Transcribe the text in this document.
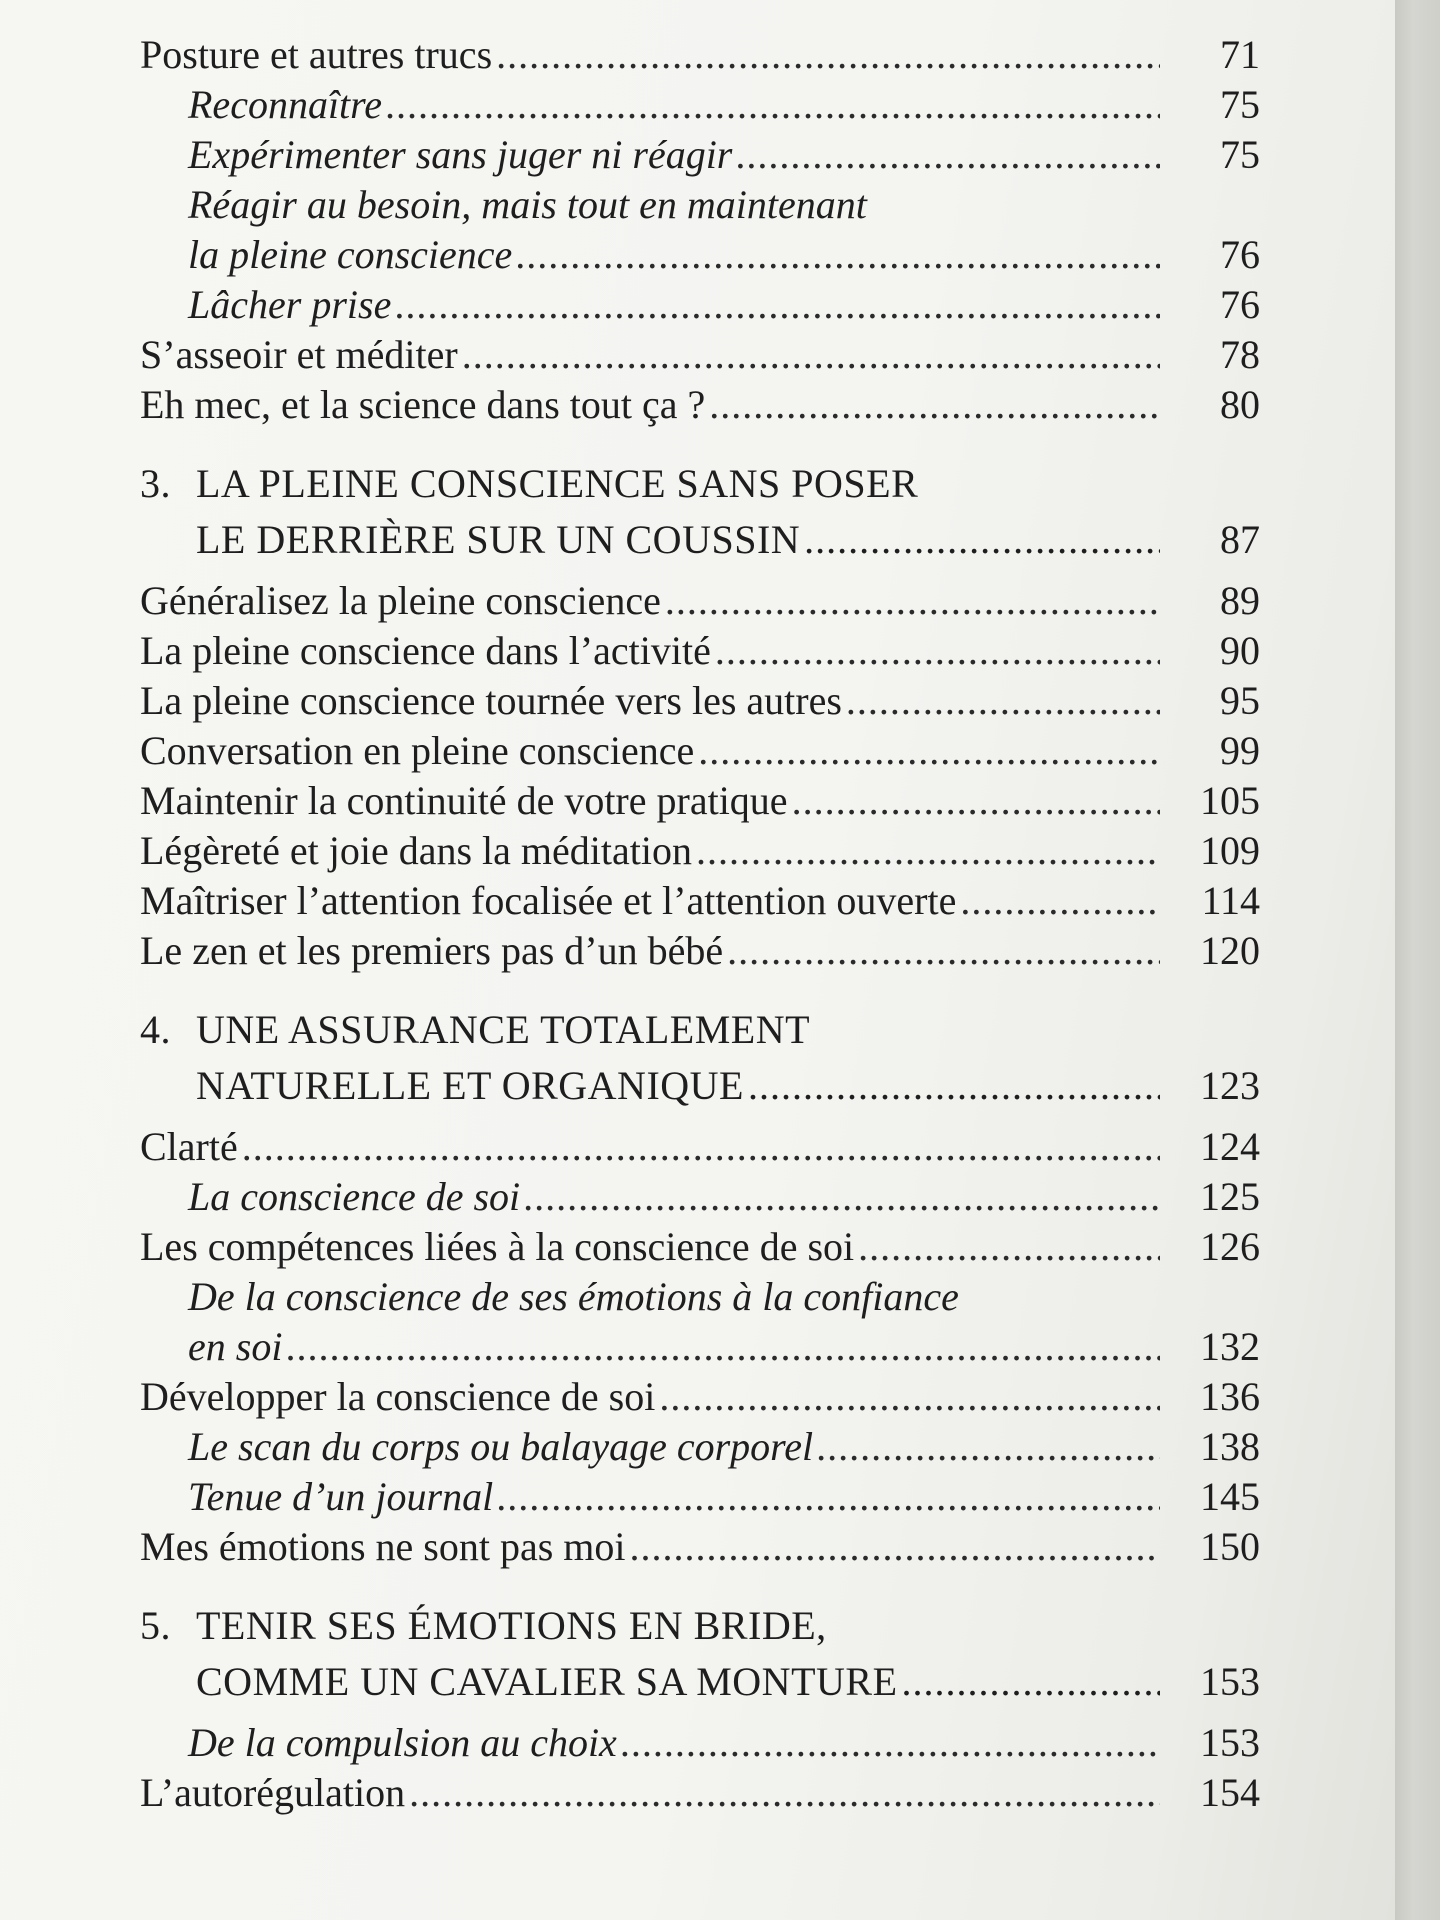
Posture et autres trucs .....	71
Reconnaître .....	75
Expérimenter sans juger ni réagir .....	75
Réagir au besoin, mais tout en maintenant
la pleine conscience .....	76
Lâcher prise .....	76
S’asseoir et méditer .....	78
Eh mec, et la science dans tout ça ? .....	80
3. LA PLEINE CONSCIENCE SANS POSER
LE DERRIÈRE SUR UN COUSSIN .....	87
Généralisez la pleine conscience .....	89
La pleine conscience dans l’activité .....	90
La pleine conscience tournée vers les autres .....	95
Conversation en pleine conscience .....	99
Maintenir la continuité de votre pratique .....	105
Légèreté et joie dans la méditation .....	109
Maîtriser l’attention focalisée et l’attention ouverte .....	114
Le zen et les premiers pas d’un bébé .....	120
4. UNE ASSURANCE TOTALEMENT
NATURELLE ET ORGANIQUE .....	123
Clarté .....	124
La conscience de soi .....	125
Les compétences liées à la conscience de soi .....	126
De la conscience de ses émotions à la confiance
en soi .....	132
Développer la conscience de soi .....	136
Le scan du corps ou balayage corporel .....	138
Tenue d’un journal .....	145
Mes émotions ne sont pas moi .....	150
5. TENIR SES ÉMOTIONS EN BRIDE,
COMME UN CAVALIER SA MONTURE .....	153
De la compulsion au choix .....	153
L’autorégulation .....	154
